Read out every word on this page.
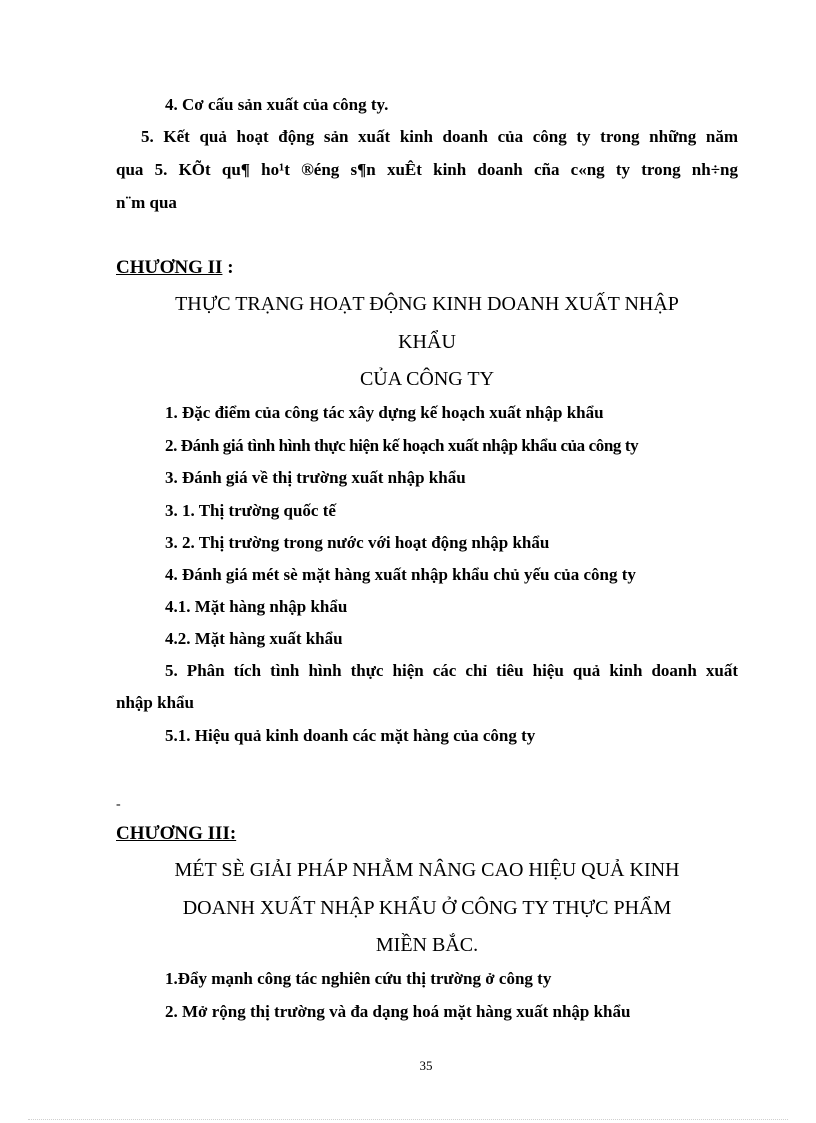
4. Cơ cấu sản xuất của công ty.
5. Kết quả hoạt động sản xuất kinh doanh của công ty trong những năm
qua 5. KÕt qu¶ ho¹t ®éng s¶n xuÊt kinh doanh cña c«ng ty trong nh÷ng
n¨m qua
CHƯƠNG II :
THỰC TRẠNG HOẠT ĐỘNG KINH DOANH XUẤT NHẬP
KHẨU
CỦA CÔNG TY
1. Đặc điểm của công tác xây dựng kế hoạch xuất nhập khẩu
2. Đánh giá tình hình thực hiện kế hoạch xuất nhập khẩu của công ty
3. Đánh giá về thị trường xuất nhập khẩu
3. 1. Thị trường quốc tế
3. 2. Thị trường trong nước với hoạt động nhập khẩu
4. Đánh giá mét sè mặt hàng xuất nhập khẩu chủ yếu của công ty
4.1. Mặt hàng nhập khẩu
4.2. Mặt hàng xuất khẩu
5. Phân tích tình hình thực hiện các chỉ tiêu hiệu quả kinh doanh xuất
nhập khẩu
5.1. Hiệu quả kinh doanh các mặt hàng của công ty
-
CHƯƠNG III:
MÉT SÈ GIẢI PHÁP NHẰM NÂNG CAO HIỆU QUẢ KINH
DOANH XUẤT NHẬP KHẨU Ở CÔNG TY THỰC PHẨM
MIỀN BẮC.
1.Đẩy mạnh công tác nghiên cứu thị trường ở công ty
2. Mở rộng thị trường và đa dạng hoá mặt hàng xuất nhập khẩu
35
